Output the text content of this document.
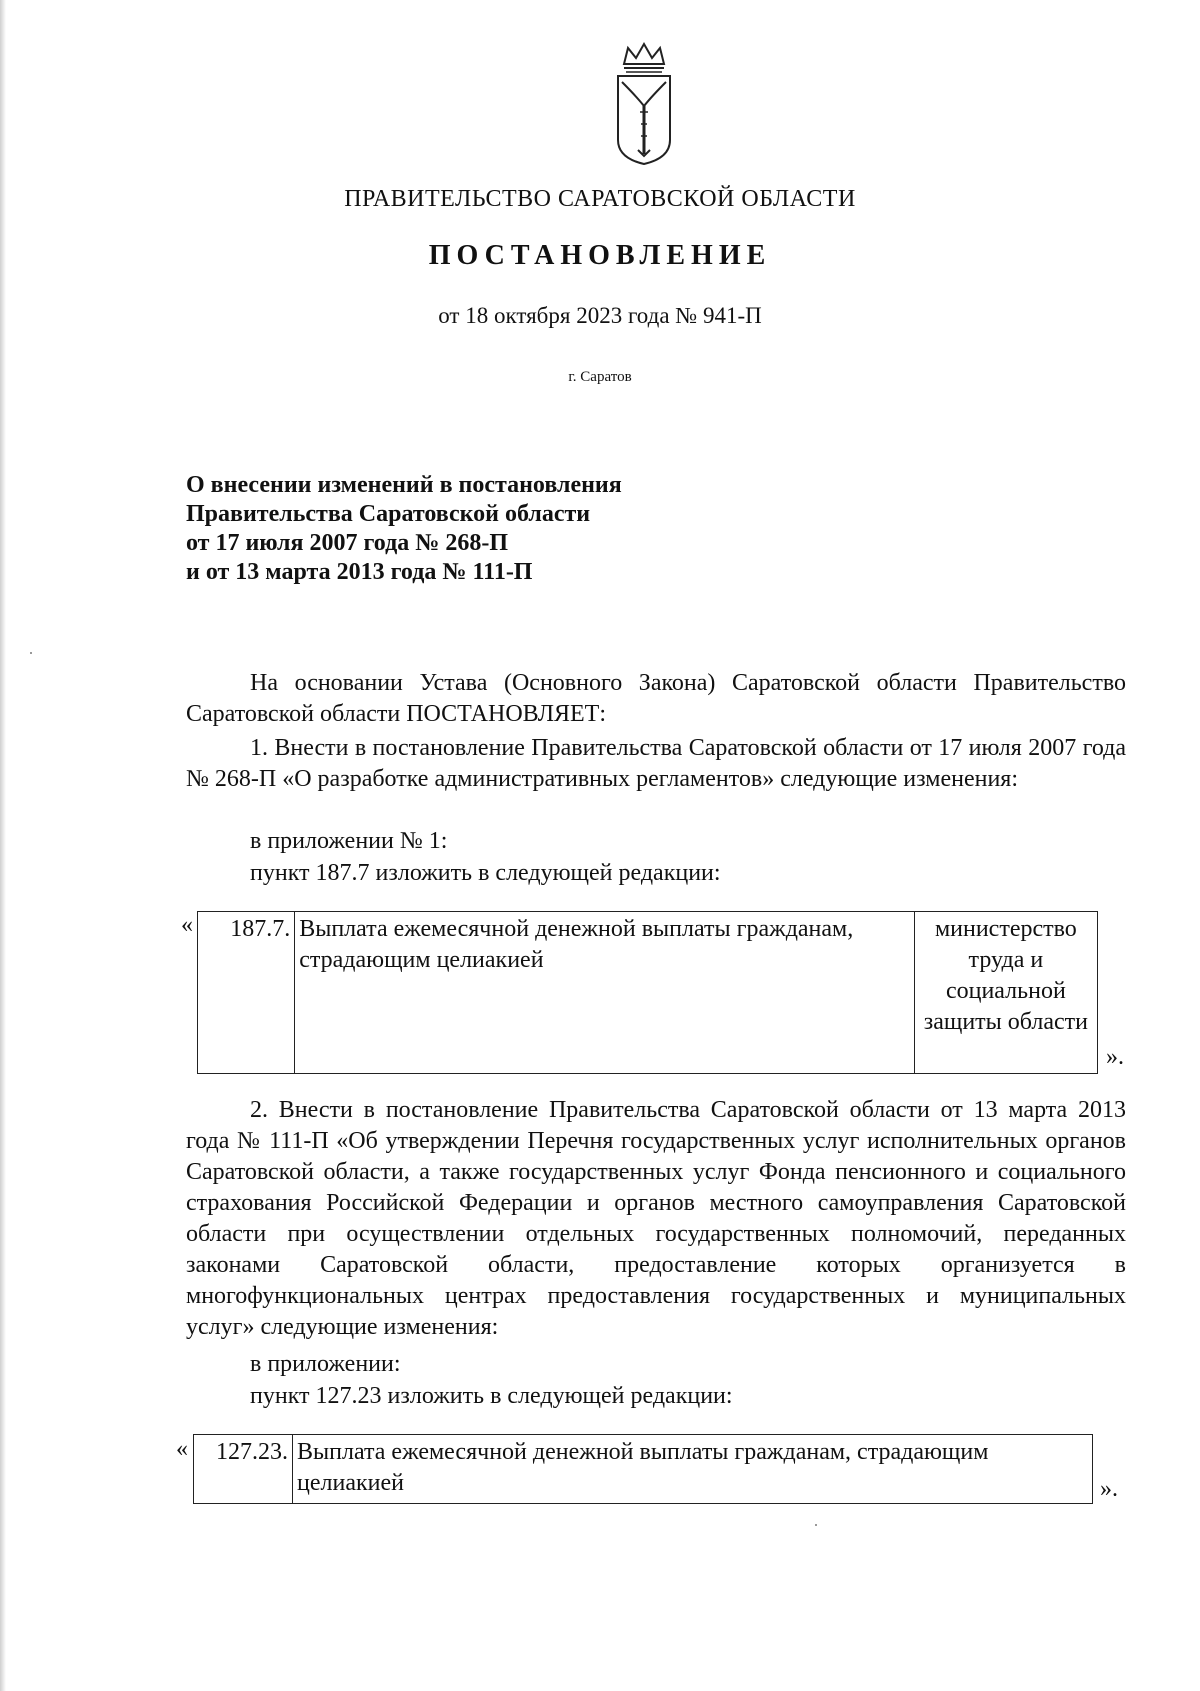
ПРАВИТЕЛЬСТВО САРАТОВСКОЙ ОБЛАСТИ
ПОСТАНОВЛЕНИЕ
от 18 октября 2023 года № 941-П
г. Саратов
О внесении изменений в постановления
Правительства Саратовской области
от 17 июля 2007 года № 268-П
и от 13 марта 2013 года № 111-П
На основании Устава (Основного Закона) Саратовской области Правительство Саратовской области ПОСТАНОВЛЯЕТ:
1. Внести в постановление Правительства Саратовской области от 17 июля 2007 года № 268-П «О разработке административных регламентов» следующие изменения:
в приложении № 1:
пункт 187.7 изложить в следующей редакции:
« 187.7.	Выплата ежемесячной денежной выплаты гражданам, страдающим целиакией	министерство труда и социальной защиты области
».
2. Внести в постановление Правительства Саратовской области от 13 марта 2013 года № 111-П «Об утверждении Перечня государственных услуг исполнительных органов Саратовской области, а также государственных услуг Фонда пенсионного и социального страхования Российской Федерации и органов местного самоуправления Саратовской области при осуществлении отдельных государственных полномочий, переданных законами Саратовской области, предоставление которых организуется в многофункциональных центрах предоставления государственных и муниципальных услуг» следующие изменения:
в приложении:
пункт 127.23 изложить в следующей редакции:
« 127.23.	Выплата ежемесячной денежной выплаты гражданам, страдающим целиакией	».
